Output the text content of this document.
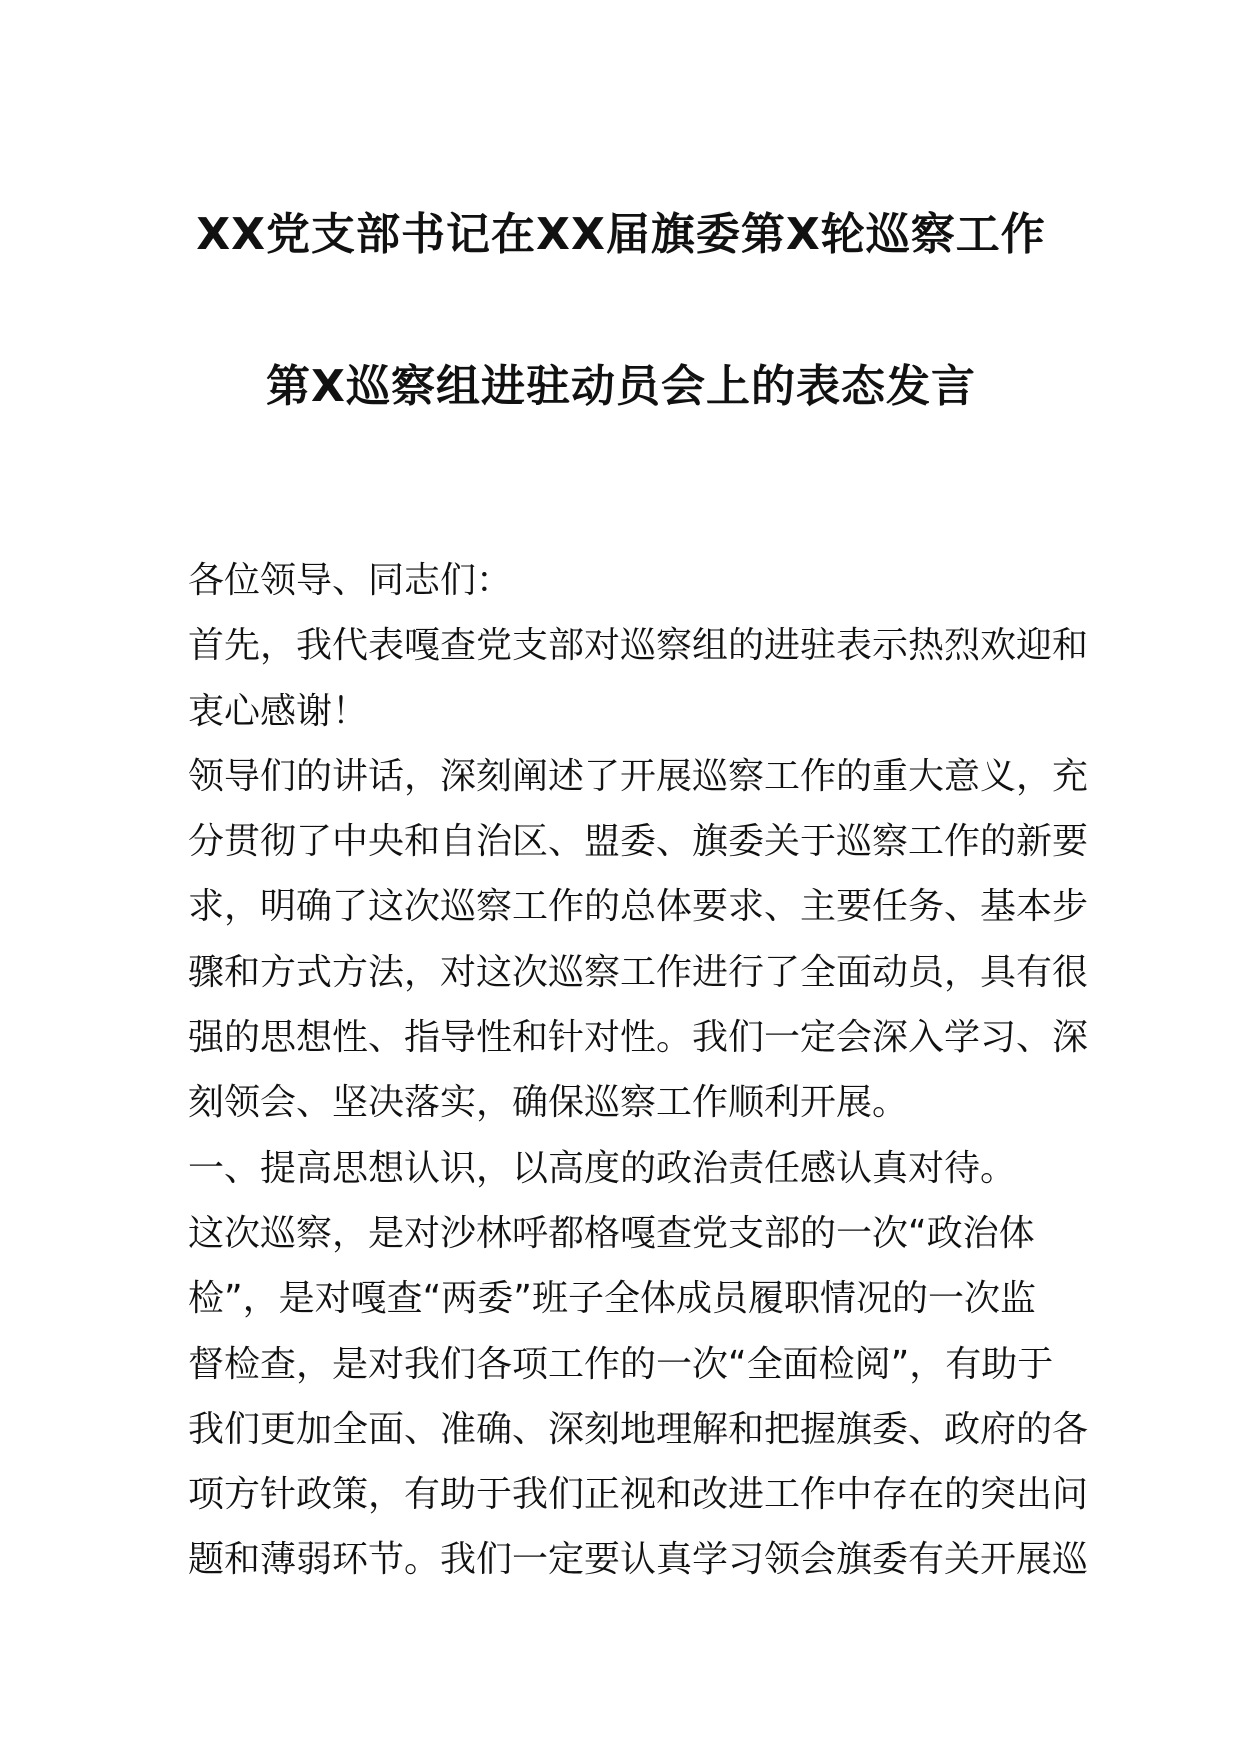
XX党支部书记在XX届旗委第X轮巡察工作
第X巡察组进驻动员会上的表态发言
各位领导、同志们：
首先，我代表嘎查党支部对巡察组的进驻表示热烈欢迎和
衷心感谢！
领导们的讲话，深刻阐述了开展巡察工作的重大意义，充
分贯彻了中央和自治区、盟委、旗委关于巡察工作的新要
求，明确了这次巡察工作的总体要求、主要任务、基本步
骤和方式方法，对这次巡察工作进行了全面动员，具有很
强的思想性、指导性和针对性。我们一定会深入学习、深
刻领会、坚决落实，确保巡察工作顺利开展。
一、提高思想认识，以高度的政治责任感认真对待。
这次巡察，是对沙林呼都格嘎查党支部的一次“政治体
检”，是对嘎查“两委”班子全体成员履职情况的一次监
督检查，是对我们各项工作的一次“全面检阅”，有助于
我们更加全面、准确、深刻地理解和把握旗委、政府的各
项方针政策，有助于我们正视和改进工作中存在的突出问
题和薄弱环节。我们一定要认真学习领会旗委有关开展巡
